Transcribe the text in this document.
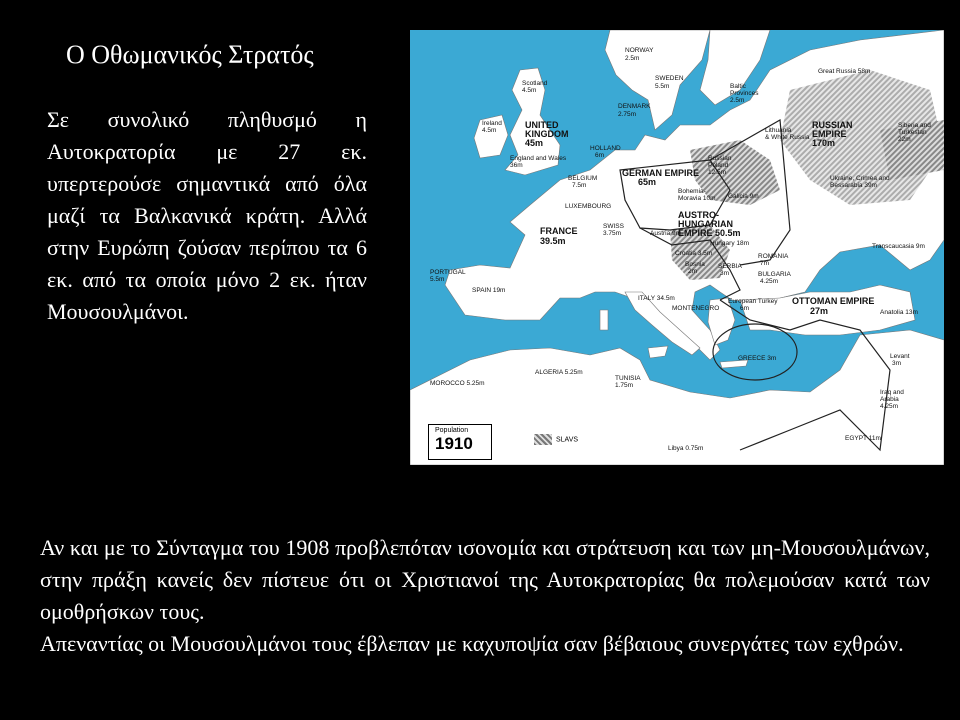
Ο Οθωμανικός Στρατός
Σε συνολικό πληθυσμό η Αυτοκρατορία με 27 εκ. υπερτερούσε σημαντικά από όλα μαζί τα Βαλκανικά κράτη. Αλλά στην Ευρώπη ζούσαν περίπου τα 6 εκ. από τα οποία μόνο 2 εκ. ήταν Μουσουλμάνοι.
UNITED
KINGDOM
45m
GERMAN EMPIRE
65m
FRANCE
39.5m
AUSTRO-
HUNGARIAN
EMPIRE 50.5m
RUSSIAN
EMPIRE
170m
OTTOMAN EMPIRE
27m
NORWAY
2.5m
SWEDEN
5.5m
Scotland
4.5m
Ireland
4.5m
England and Wales
36m
DENMARK
2.75m
Baltic
Provinces
2.5m
Great Russia 58m
Siberia and
Turkestan
22m
HOLLAND
6m
BELGIUM
7.5m
LUXEMBOURG
Russian
Poland
12.5m
Lithuania
& White Russia
Ukraine, Crimea and
Bessarabia 39m
Bohemia-
Moravia 10m Galicia 9m
SWISS
3.75m	Austria 9m
Hungary 18m	Transcaucasia 9m
Croatia 3.5m
Bosnia
2m
SERBIA
3m
ROMANIA
7m
BULGARIA
4.25m
PORTUGAL
5.5m
SPAIN 19m
ITALY 34.5m
MONTENEGRO
European Turkey
6m
Anatolia 13m
GREECE 3m	Levant
3m
Iraq and
Arabia
4.25m
MOROCCO 5.25m
ALGERIA 5.25m
TUNISIA
1.75m
Libya 0.75m
EGYPT 11m
Population
1910	SLAVS

Αν και με το Σύνταγμα του 1908 προβλεπόταν ισονομία και στράτευση και των μη-Μουσουλμάνων, στην πράξη κανείς δεν πίστευε ότι οι Χριστιανοί της Αυτοκρατορίας θα πολεμούσαν κατά των ομοθρήσκων τους.

Απεναντίας οι Μουσουλμάνοι τους έβλεπαν με καχυποψία σαν βέβαιους συνεργάτες των εχθρών.
